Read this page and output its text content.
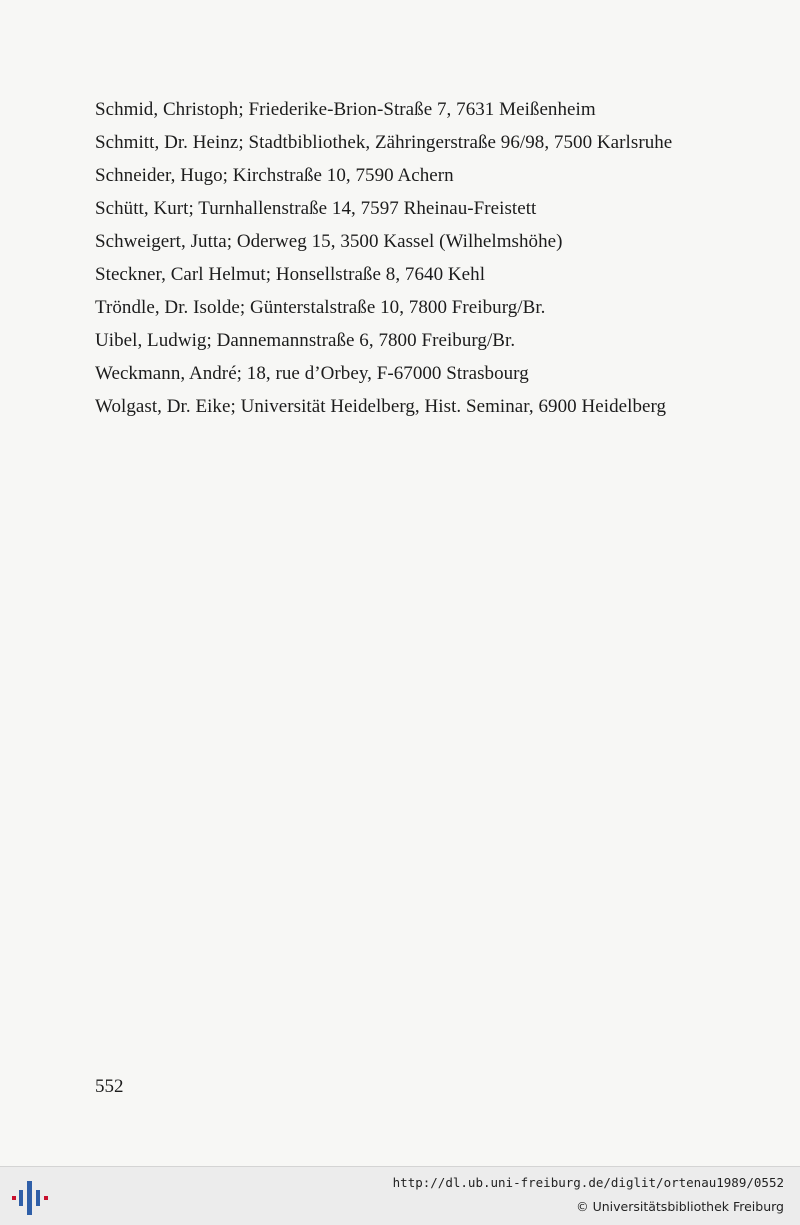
Schmid, Christoph; Friederike-Brion-Straße 7, 7631 Meißenheim
Schmitt, Dr. Heinz; Stadtbibliothek, Zähringerstraße 96/98, 7500 Karlsruhe
Schneider, Hugo; Kirchstraße 10, 7590 Achern
Schütt, Kurt; Turnhallenstraße 14, 7597 Rheinau-Freistett
Schweigert, Jutta; Oderweg 15, 3500 Kassel (Wilhelmshöhe)
Steckner, Carl Helmut; Honsellstraße 8, 7640 Kehl
Tröndle, Dr. Isolde; Günterstalstraße 10, 7800 Freiburg/Br.
Uibel, Ludwig; Dannemannstraße 6, 7800 Freiburg/Br.
Weckmann, André; 18, rue d’Orbey, F-67000 Strasbourg
Wolgast, Dr. Eike; Universität Heidelberg, Hist. Seminar, 6900 Heidelberg
552
http://dl.ub.uni-freiburg.de/diglit/ortenau1989/0552
© Universitätsbibliothek Freiburg
